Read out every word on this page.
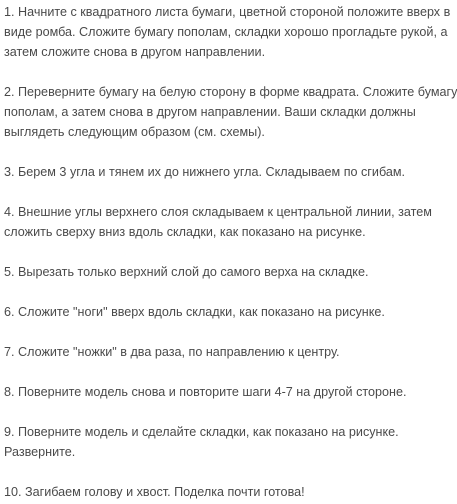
1. Начните с квадратного листа бумаги, цветной стороной положите вверх в
виде ромба. Сложите бумагу пополам, складки хорошо прогладьте рукой, а
затем сложите снова в другом направлении.

2. Переверните бумагу на белую сторону в форме квадрата. Сложите бумагу
пополам, а затем снова в другом направлении. Ваши складки должны
выглядеть следующим образом (см. схемы).

3. Берем 3 угла и тянем их до нижнего угла. Складываем по сгибам.

4. Внешние углы верхнего слоя складываем к центральной линии, затем
сложить сверху вниз вдоль складки, как показано на рисунке.

5. Вырезать только верхний слой до самого верха на складке.

6. Сложите "ноги" вверх вдоль складки, как показано на рисунке.

7. Сложите "ножки" в два раза, по направлению к центру.

8. Поверните модель снова и повторите шаги 4-7 на другой стороне.

9. Поверните модель и сделайте складки, как показано на рисунке.
Разверните.

10. Загибаем голову и хвост. Поделка почти готова!
